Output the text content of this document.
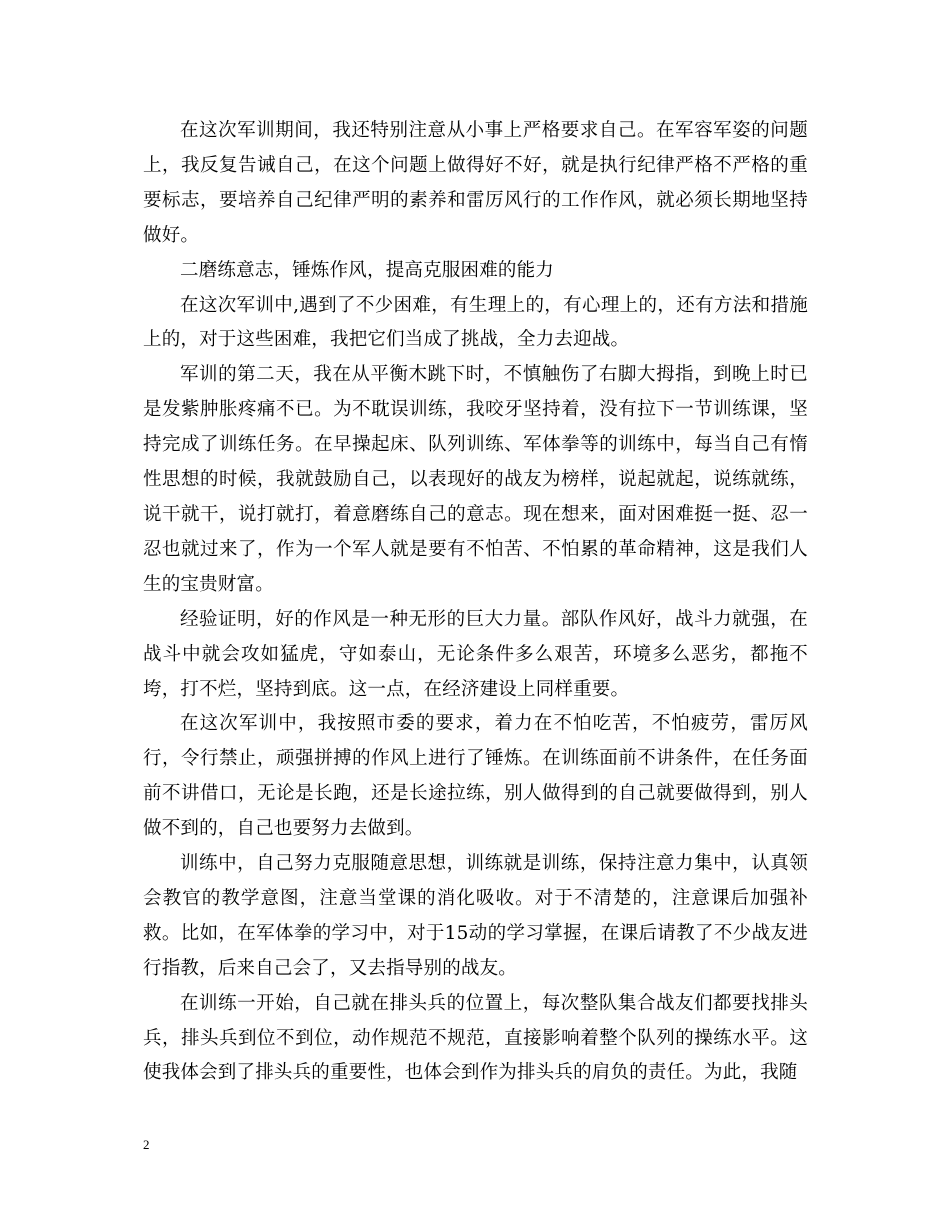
在这次军训期间，我还特别注意从小事上严格要求自己。在军容军姿的问题上，我反复告诫自己，在这个问题上做得好不好，就是执行纪律严格不严格的重要标志，要培养自己纪律严明的素养和雷厉风行的工作作风，就必须长期地坚持做好。

二磨练意志，锤炼作风，提高克服困难的能力

在这次军训中,遇到了不少困难，有生理上的，有心理上的，还有方法和措施上的，对于这些困难，我把它们当成了挑战，全力去迎战。

军训的第二天，我在从平衡木跳下时，不慎触伤了右脚大拇指，到晚上时已是发紫肿胀疼痛不已。为不耽误训练，我咬牙坚持着，没有拉下一节训练课，坚持完成了训练任务。在早操起床、队列训练、军体拳等的训练中，每当自己有惰性思想的时候，我就鼓励自己，以表现好的战友为榜样，说起就起，说练就练，说干就干，说打就打，着意磨练自己的意志。现在想来，面对困难挺一挺、忍一忍也就过来了，作为一个军人就是要有不怕苦、不怕累的革命精神，这是我们人生的宝贵财富。

经验证明，好的作风是一种无形的巨大力量。部队作风好，战斗力就强，在战斗中就会攻如猛虎，守如泰山，无论条件多么艰苦，环境多么恶劣，都拖不垮，打不烂，坚持到底。这一点，在经济建设上同样重要。

在这次军训中，我按照市委的要求，着力在不怕吃苦，不怕疲劳，雷厉风行，令行禁止，顽强拼搏的作风上进行了锤炼。在训练面前不讲条件，在任务面前不讲借口，无论是长跑，还是长途拉练，别人做得到的自己就要做得到，别人做不到的，自己也要努力去做到。

训练中，自己努力克服随意思想，训练就是训练，保持注意力集中，认真领会教官的教学意图，注意当堂课的消化吸收。对于不清楚的，注意课后加强补救。比如，在军体拳的学习中，对于15动的学习掌握，在课后请教了不少战友进行指教，后来自己会了，又去指导别的战友。

在训练一开始，自己就在排头兵的位置上，每次整队集合战友们都要找排头兵，排头兵到位不到位，动作规范不规范，直接影响着整个队列的操练水平。这使我体会到了排头兵的重要性，也体会到作为排头兵的肩负的责任。为此，我随

2
